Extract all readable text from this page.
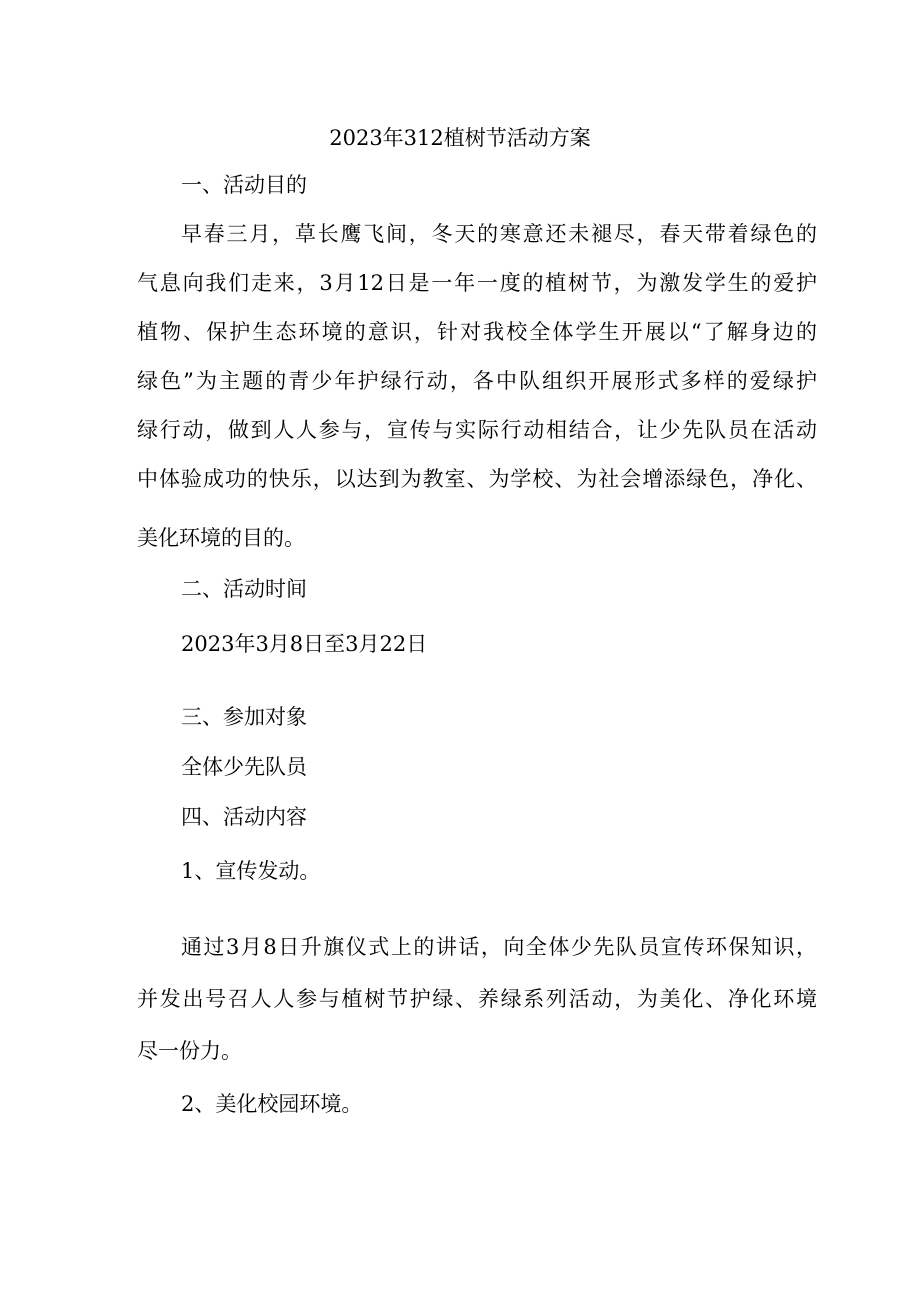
2023年312植树节活动方案
一、活动目的
早春三月，草长鹰飞间，冬天的寒意还未褪尽，春天带着绿色的
气息向我们走来，3月12日是一年一度的植树节，为激发学生的爱护
植物、保护生态环境的意识，针对我校全体学生开展以“了解身边的
绿色”为主题的青少年护绿行动，各中队组织开展形式多样的爱绿护
绿行动，做到人人参与，宣传与实际行动相结合，让少先队员在活动
中体验成功的快乐，以达到为教室、为学校、为社会增添绿色，净化、
美化环境的目的。
二、活动时间
2023年3月8日至3月22日
三、参加对象
全体少先队员
四、活动内容
1、宣传发动。
通过3月8日升旗仪式上的讲话，向全体少先队员宣传环保知识，
并发出号召人人参与植树节护绿、养绿系列活动，为美化、净化环境
尽一份力。
2、美化校园环境。
